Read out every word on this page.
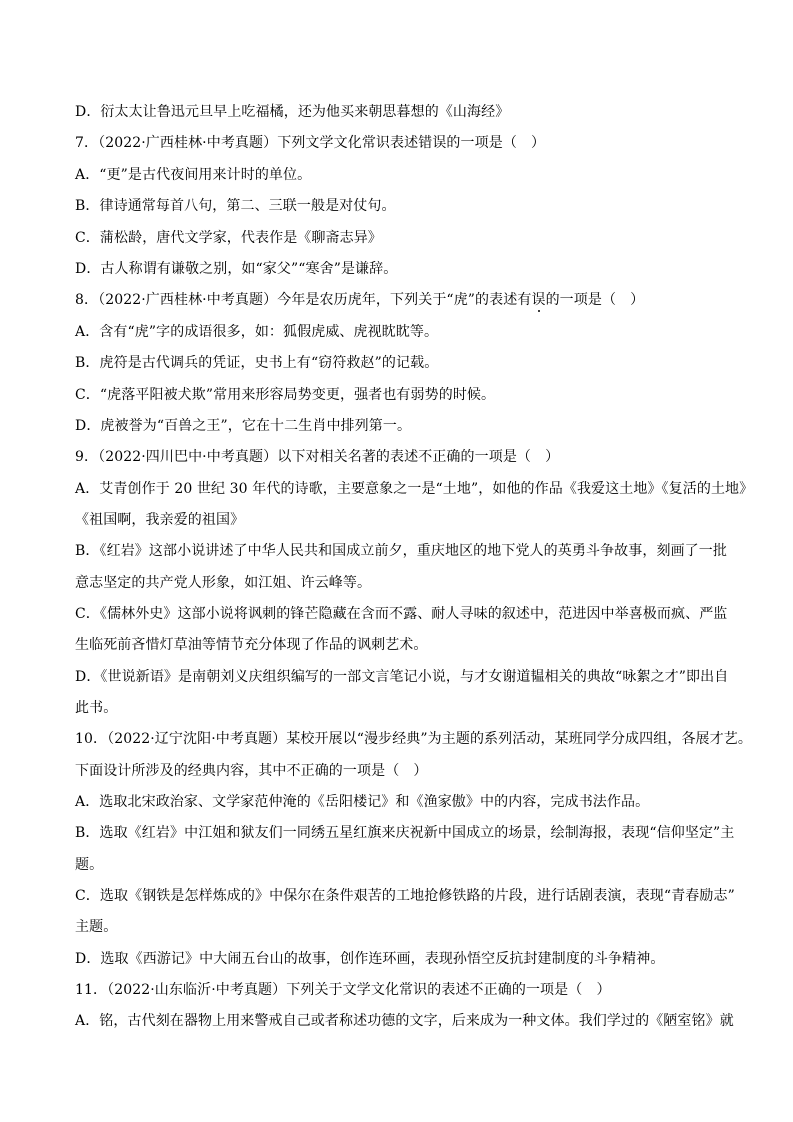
D．衍太太让鲁迅元旦早上吃福橘，还为他买来朝思暮想的《山海经》
7．（2022·广西桂林·中考真题）下列文学文化常识表述错误的一项是（　）
A．“更”是古代夜间用来计时的单位。
B．律诗通常每首八句，第二、三联一般是对仗句。
C．蒲松龄，唐代文学家，代表作是《聊斋志异》
D．古人称谓有谦敬之别，如“家父”“寒舍”是谦辞。
8．（2022·广西桂林·中考真题）今年是农历虎年，下列关于“虎”的表述有误的一项是（　）
A．含有“虎”字的成语很多，如：狐假虎威、虎视眈眈等。
B．虎符是古代调兵的凭证，史书上有“窃符救赵”的记载。
C．“虎落平阳被犬欺”常用来形容局势变更，强者也有弱势的时候。
D．虎被誉为“百兽之王”，它在十二生肖中排列第一。
9．（2022·四川巴中·中考真题）以下对相关名著的表述不正确的一项是（　）
A．艾青创作于 20 世纪 30 年代的诗歌，主要意象之一是“土地”，如他的作品《我爱这土地》《复活的土地》
《祖国啊，我亲爱的祖国》
B．《红岩》这部小说讲述了中华人民共和国成立前夕，重庆地区的地下党人的英勇斗争故事，刻画了一批
意志坚定的共产党人形象，如江姐、许云峰等。
C．《儒林外史》这部小说将讽刺的锋芒隐藏在含而不露、耐人寻味的叙述中，范进因中举喜极而疯、严监
生临死前吝惜灯草油等情节充分体现了作品的讽刺艺术。
D．《世说新语》是南朝刘义庆组织编写的一部文言笔记小说，与才女谢道韫相关的典故“咏絮之才”即出自
此书。
10．（2022·辽宁沈阳·中考真题）某校开展以“漫步经典”为主题的系列活动，某班同学分成四组，各展才艺。
下面设计所涉及的经典内容，其中不正确的一项是（　）
A．选取北宋政治家、文学家范仲淹的《岳阳楼记》和《渔家傲》中的内容，完成书法作品。
B．选取《红岩》中江姐和狱友们一同绣五星红旗来庆祝新中国成立的场景，绘制海报，表现“信仰坚定”主
题。
C．选取《钢铁是怎样炼成的》中保尔在条件艰苦的工地抢修铁路的片段，进行话剧表演，表现“青春励志”
主题。
D．选取《西游记》中大闹五台山的故事，创作连环画，表现孙悟空反抗封建制度的斗争精神。
11．（2022·山东临沂·中考真题）下列关于文学文化常识的表述不正确的一项是（　）
A．铭，古代刻在器物上用来警戒自己或者称述功德的文字，后来成为一种文体。我们学过的《陋室铭》就
